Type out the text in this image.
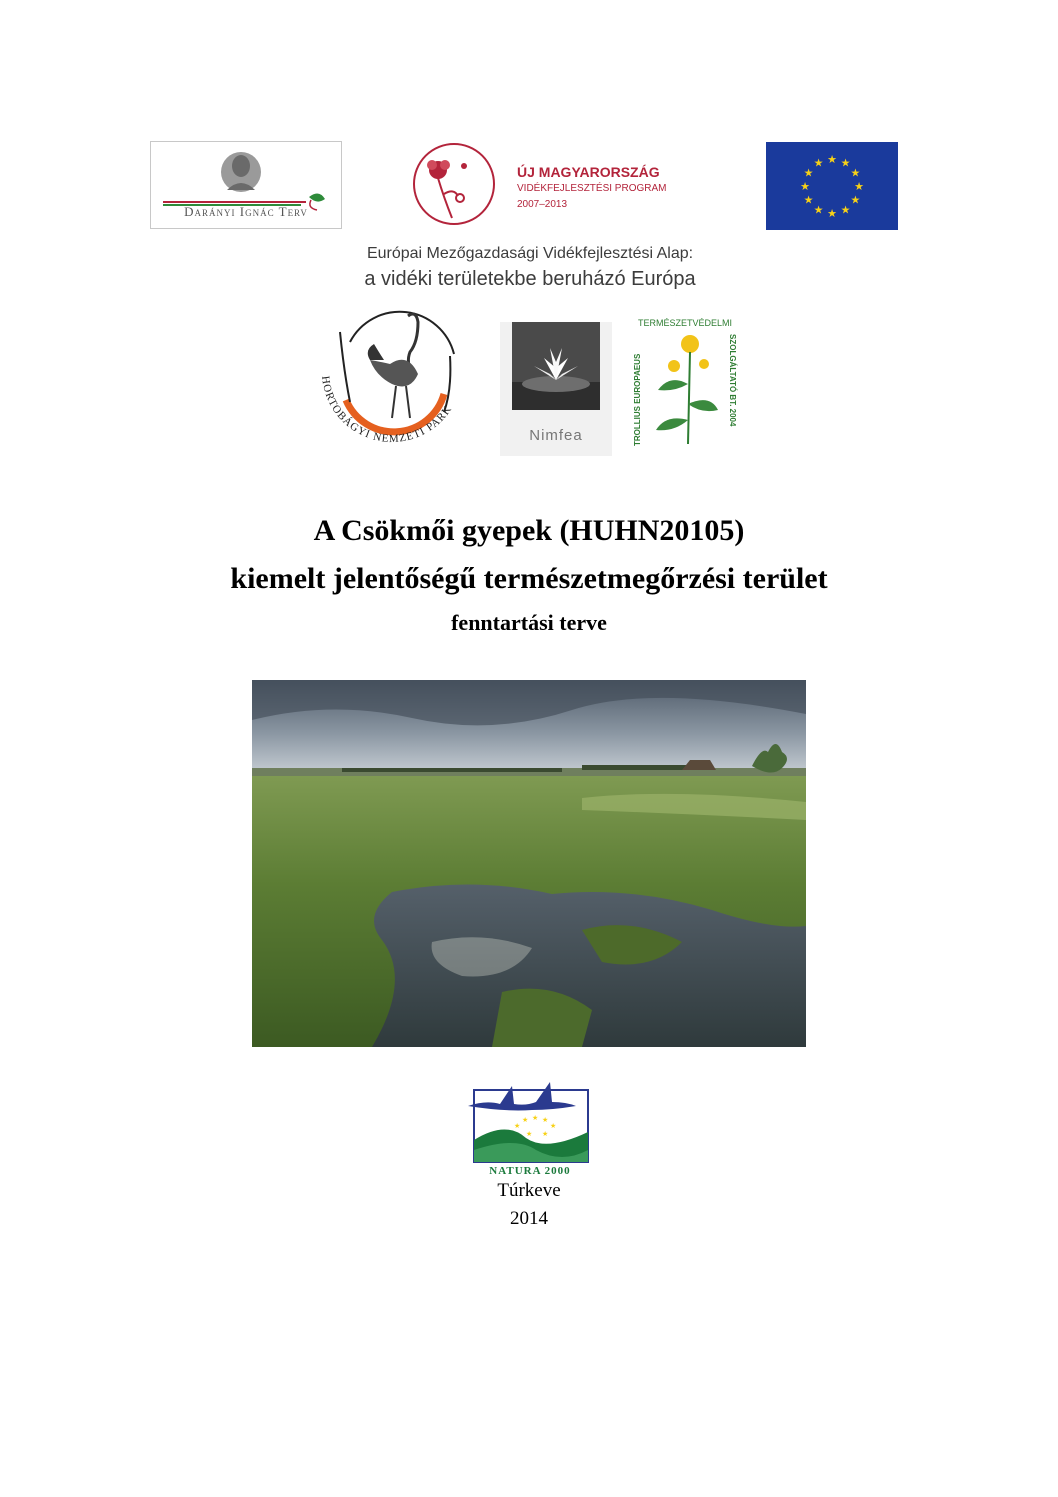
Darányi Ignác Terv
ÚJ MAGYARORSZÁG
VIDÉKFEJLESZTÉSI PROGRAM
2007–2013
★ ★
★
★
★
★
★
★
★
★
★
★
Európai Mezőgazdasági Vidékfejlesztési Alap:
a vidéki területekbe beruházó Európa
HORTOBÁGYI NEMZETI PARK
Nimfea
TERMÉSZETVÉDELMI
TROLLIUS EUROPAEUS	SZOLGÁLTATÓ BT. 2004
A Csökmői gyepek (HUHN20105)
kiemelt jelentőségű természetmegőrzési terület
fenntartási terve
★
★ ★ ★
★
★ ★
NATURA 2000
Túrkeve
2014
